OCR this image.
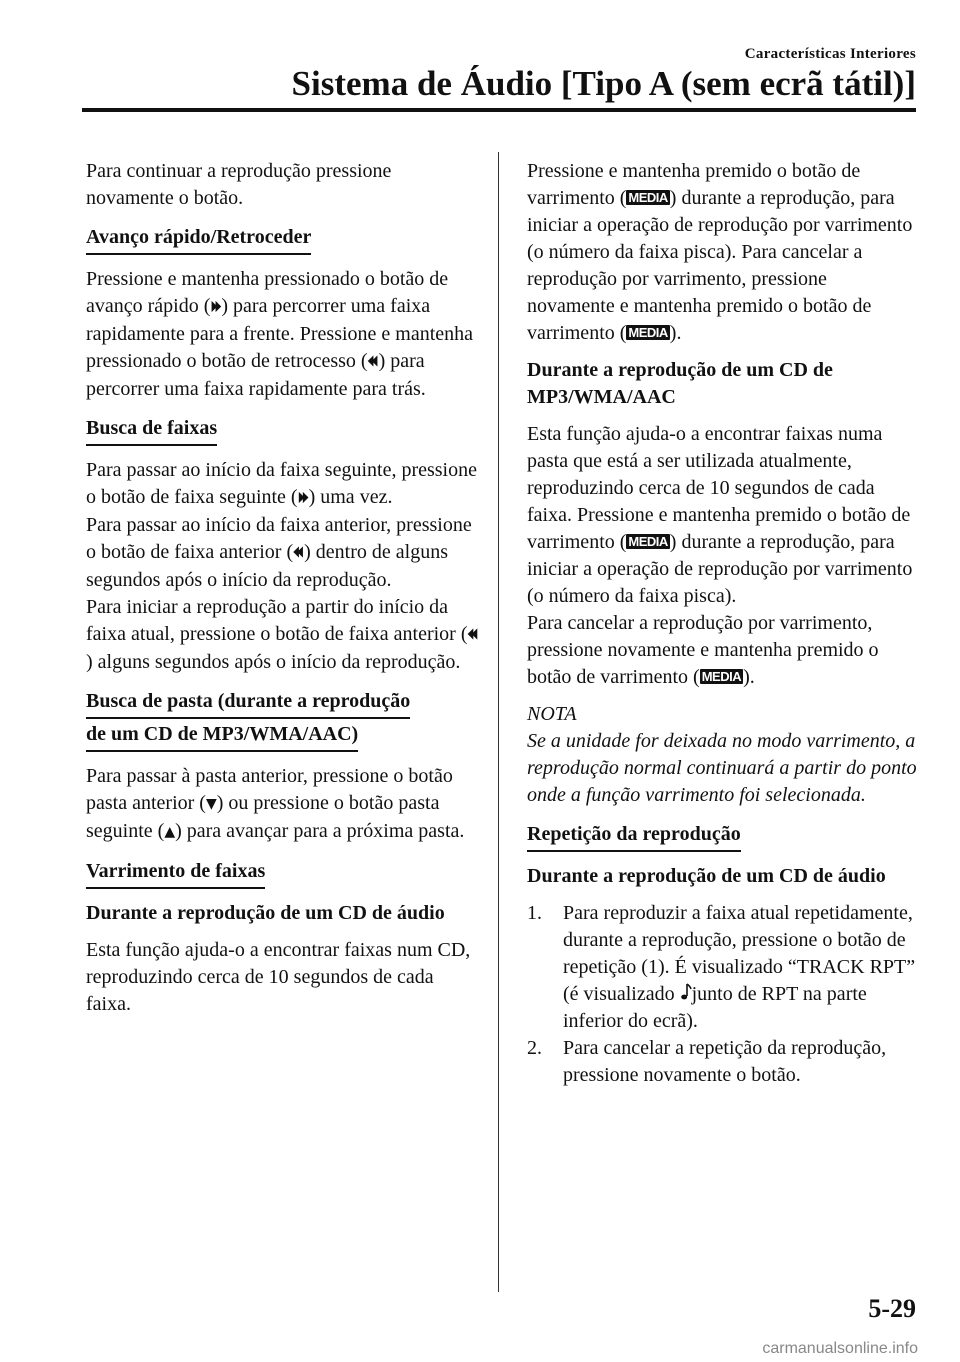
Características Interiores
Sistema de Áudio [Tipo A (sem ecrã tátil)]

Para continuar a reprodução pressione novamente o botão.

Avanço rápido/Retroceder

Pressione e mantenha pressionado o botão de avanço rápido (⏵⏵ ) para percorrer uma faixa rapidamente para a frente. Pressione e mantenha pressionado o botão de retrocesso (⏴⏴ ) para percorrer uma faixa rapidamente para trás.

Busca de faixas

Para passar ao início da faixa seguinte, pressione o botão de faixa seguinte (⏵⏵ ) uma vez.
Para passar ao início da faixa anterior, pressione o botão de faixa anterior (⏴⏴ ) dentro de alguns segundos após o início da reprodução.
Para iniciar a reprodução a partir do início da faixa atual, pressione o botão de faixa anterior (⏴⏴) alguns segundos após o início da reprodução.

Busca de pasta (durante a reprodução
de um CD de MP3/WMA/AAC)

Para passar à pasta anterior, pressione o botão pasta anterior (▼ ) ou pressione o botão pasta seguinte (▲ ) para avançar para a próxima pasta.

Varrimento de faixas

Durante a reprodução de um CD de áudio

Esta função ajuda-o a encontrar faixas num CD, reproduzindo cerca de 10 segundos de cada faixa.

Pressione e mantenha premido o botão de varrimento ( MEDIA ) durante a reprodução, para iniciar a operação de reprodução por varrimento (o número da faixa pisca). Para cancelar a reprodução por varrimento, pressione novamente e mantenha premido o botão de varrimento ( MEDIA ).

Durante a reprodução de um CD de MP3/WMA/AAC

Esta função ajuda-o a encontrar faixas numa pasta que está a ser utilizada atualmente, reproduzindo cerca de 10 segundos de cada faixa. Pressione e mantenha premido o botão de varrimento ( MEDIA ) durante a reprodução, para iniciar a operação de reprodução por varrimento (o número da faixa pisca).
Para cancelar a reprodução por varrimento, pressione novamente e mantenha premido o botão de varrimento ( MEDIA ).

NOTA

Se a unidade for deixada no modo varrimento, a reprodução normal continuará a partir do ponto onde a função varrimento foi selecionada.

Repetição da reprodução

Durante a reprodução de um CD de áudio

1. Para reproduzir a faixa atual repetidamente, durante a reprodução, pressione o botão de repetição (1). É visualizado “TRACK RPT” (é visualizado junto de RPT na parte inferior do ecrã).
2. Para cancelar a repetição da reprodução, pressione novamente o botão.
5-29
carmanualsonline.info
